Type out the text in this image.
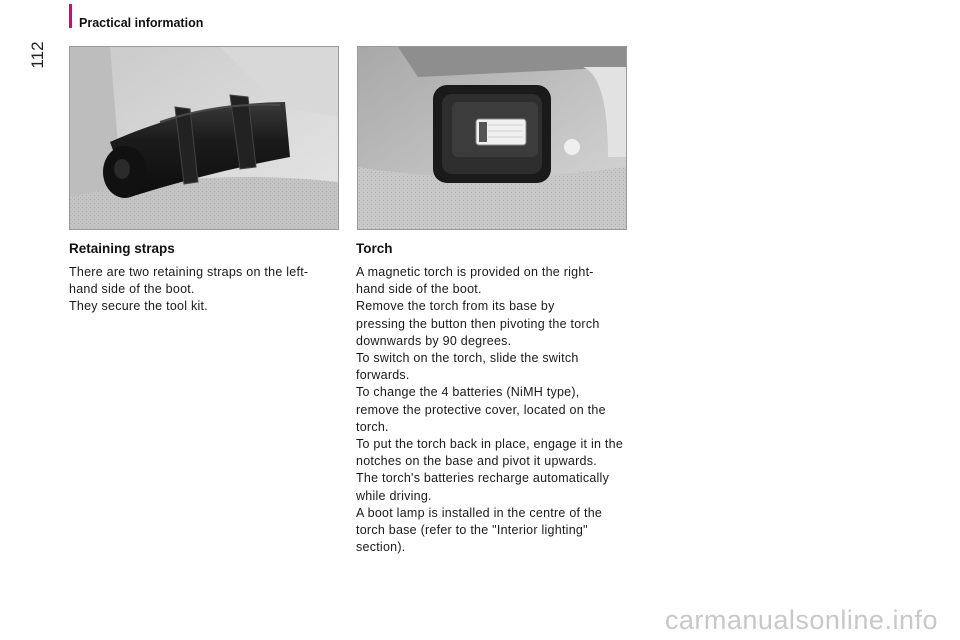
Practical information
112
Retaining straps
There are two retaining straps on the left-
hand side of the boot.
They secure the tool kit.
Torch
A magnetic torch is provided on the right-
hand side of the boot.
Remove the torch from its base by
pressing the button then pivoting the torch
downwards by 90 degrees.
To switch on the torch, slide the switch
forwards.
To change the 4 batteries (NiMH type),
remove the protective cover, located on the
torch.
To put the torch back in place, engage it in the
notches on the base and pivot it upwards.
The torch's batteries recharge automatically
while driving.
A boot lamp is installed in the centre of the
torch base (refer to the "Interior lighting"
section).
carmanualsonline.info
